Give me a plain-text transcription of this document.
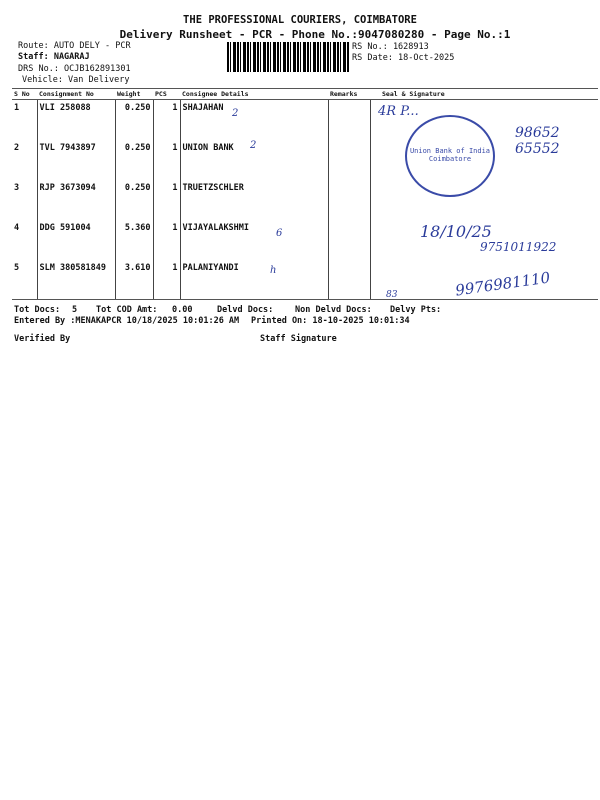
THE PROFESSIONAL COURIERS, COIMBATORE
Delivery Runsheet - PCR - Phone No.:9047080280 - Page No.:1
Route: AUTO DELY - PCR
Staff: NAGARAJ
DRS No.: OCJB162891301
Vehicle: Van Delivery
RS No.: 1628913
RS Date: 18-Oct-2025
S No	Consignment No	Weight	PCS	Consignee Details	Remarks	Seal & Signature
1	VLI 258088	0.250	1	SHAJAHAN		
2	TVL 7943897	0.250	1	UNION BANK		
3	RJP 3673094	0.250	1	TRUETZSCHLER		
4	DDG 591004	5.360	1	VIJAYALAKSHMI		
5	SLM 380581849	3.610	1	PALANIYANDI		
Union Bank of India Coimbatore
2
2
6
h
4R P...
98652 65552
18/10/25
9751011922
83	9976981110
Tot Docs: 5 Tot COD Amt: 0.00	Delvd Docs:	Non Delvd Docs: Delvy Pts:
Entered By :MENAKAPCR 10/18/2025 10:01:26 AM Printed On: 18-10-2025 10:01:34
Verified By	Staff Signature
